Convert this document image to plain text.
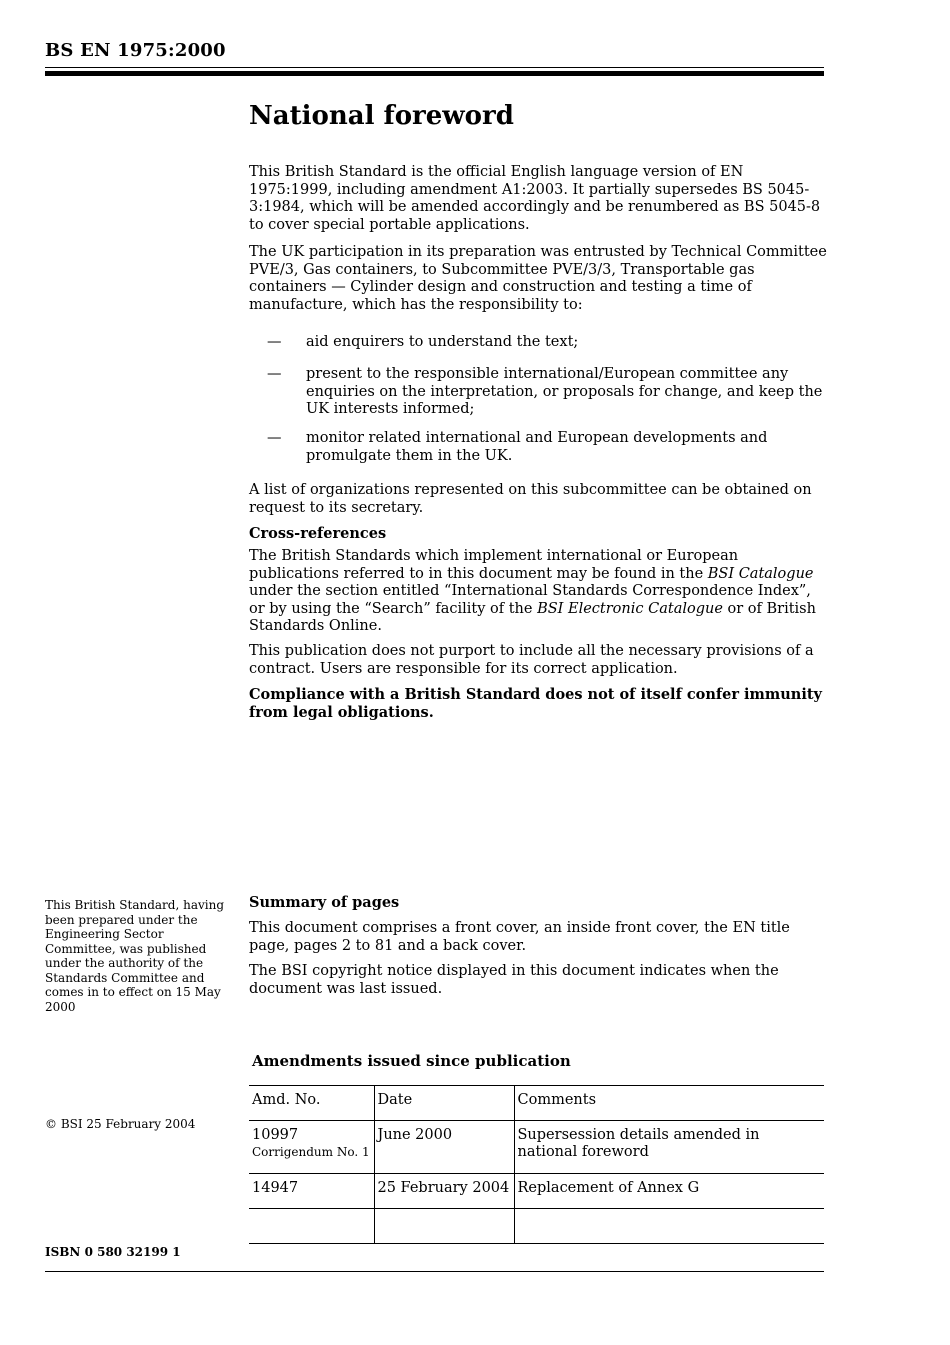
BS EN 1975:2000
National foreword

This British Standard is the official English language version of EN 1975:1999, including amendment A1:2003. It partially supersedes BS 5045-3:1984, which will be amended accordingly and be renumbered as BS 5045-8 to cover special portable applications.

The UK participation in its preparation was entrusted by Technical Committee PVE/3, Gas containers, to Subcommittee PVE/3/3, Transportable gas containers — Cylinder design and construction and testing a time of manufacture, which has the responsibility to:

—	aid enquirers to understand the text;
—	present to the responsible international/European committee any enquiries on the interpretation, or proposals for change, and keep the UK interests informed;
—	monitor related international and European developments and promulgate them in the UK.
A list of organizations represented on this subcommittee can be obtained on request to its secretary.
Cross-references
The British Standards which implement international or European publications referred to in this document may be found in the BSI Catalogue under the section entitled “International Standards Correspondence Index”, or by using the “Search” facility of the BSI Electronic Catalogue or of British Standards Online.
This publication does not purport to include all the necessary provisions of a contract. Users are responsible for its correct application.
Compliance with a British Standard does not of itself confer immunity from legal obligations.
This British Standard, having been prepared under the Engineering Sector Committee, was published under the authority of the Standards Committee and comes in to effect on 15 May 2000
© BSI 25 February 2004
Summary of pages
This document comprises a front cover, an inside front cover, the EN title page, pages 2 to 81 and a back cover.
The BSI copyright notice displayed in this document indicates when the document was last issued.
Amendments issued since publication
Amd. No.	Date	Comments

10997
Corrigendum No. 1	June 2000	Supersession details amended in national foreword

14947	25 February 2004	Replacement of Annex G

ISBN 0 580 32199 1
